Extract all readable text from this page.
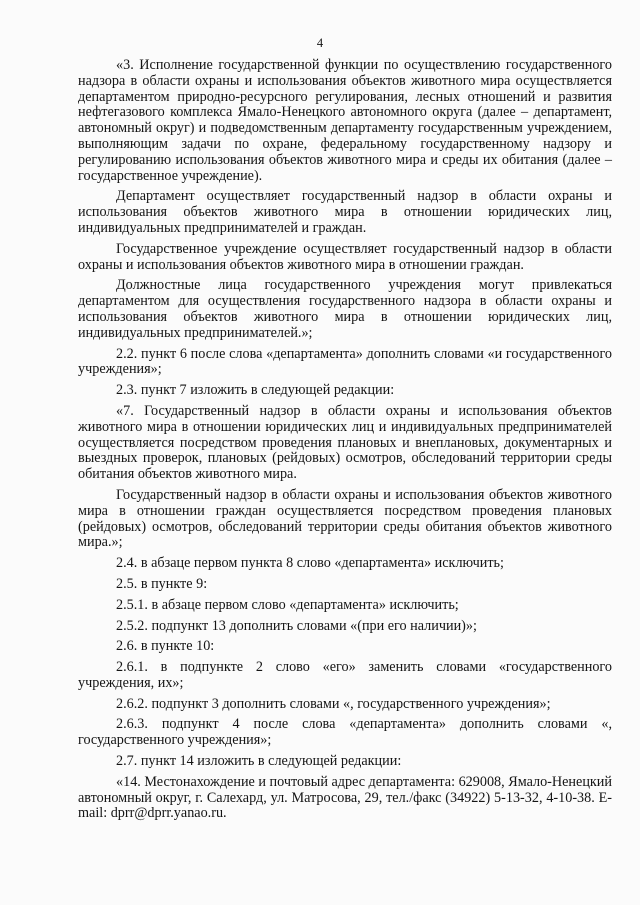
4

«3. Исполнение государственной функции по осуществлению государственного надзора в области охраны и использования объектов животного мира осуществляется департаментом природно-ресурсного регулирования, лесных отношений и развития нефтегазового комплекса Ямало-Ненецкого автономного округа (далее – департамент, автономный округ) и подведомственным департаменту государственным учреждением, выполняющим задачи по охране, федеральному государственному надзору и регулированию использования объектов животного мира и среды их обитания (далее – государственное учреждение).

Департамент осуществляет государственный надзор в области охраны и использования объектов животного мира в отношении юридических лиц, индивидуальных предпринимателей и граждан.

Государственное учреждение осуществляет государственный надзор в области охраны и использования объектов животного мира в отношении граждан.

Должностные лица государственного учреждения могут привлекаться департаментом для осуществления государственного надзора в области охраны и использования объектов животного мира в отношении юридических лиц, индивидуальных предпринимателей.»;

2.2. пункт 6 после слова «департамента» дополнить словами «и государственного учреждения»;

2.3. пункт 7 изложить в следующей редакции:

«7. Государственный надзор в области охраны и использования объектов животного мира в отношении юридических лиц и индивидуальных предпринимателей осуществляется посредством проведения плановых и внеплановых, документарных и выездных проверок, плановых (рейдовых) осмотров, обследований территории среды обитания объектов животного мира.

Государственный надзор в области охраны и использования объектов животного мира в отношении граждан осуществляется посредством проведения плановых (рейдовых) осмотров, обследований территории среды обитания объектов животного мира.»;

2.4. в абзаце первом пункта 8 слово «департамента» исключить;

2.5. в пункте 9:

2.5.1. в абзаце первом слово «департамента» исключить;

2.5.2. подпункт 13 дополнить словами «(при его наличии)»;

2.6. в пункте 10:

2.6.1. в подпункте 2 слово «его» заменить словами «государственного учреждения, их»;

2.6.2. подпункт 3 дополнить словами «, государственного учреждения»;

2.6.3. подпункт 4 после слова «департамента» дополнить словами «, государственного учреждения»;

2.7. пункт 14 изложить в следующей редакции:

«14. Местонахождение и почтовый адрес департамента: 629008, Ямало-Ненецкий автономный округ, г. Салехард, ул. Матросова, 29, тел./факс (34922) 5-13-32, 4-10-38. E-mail: dprr@dprr.yanao.ru.
